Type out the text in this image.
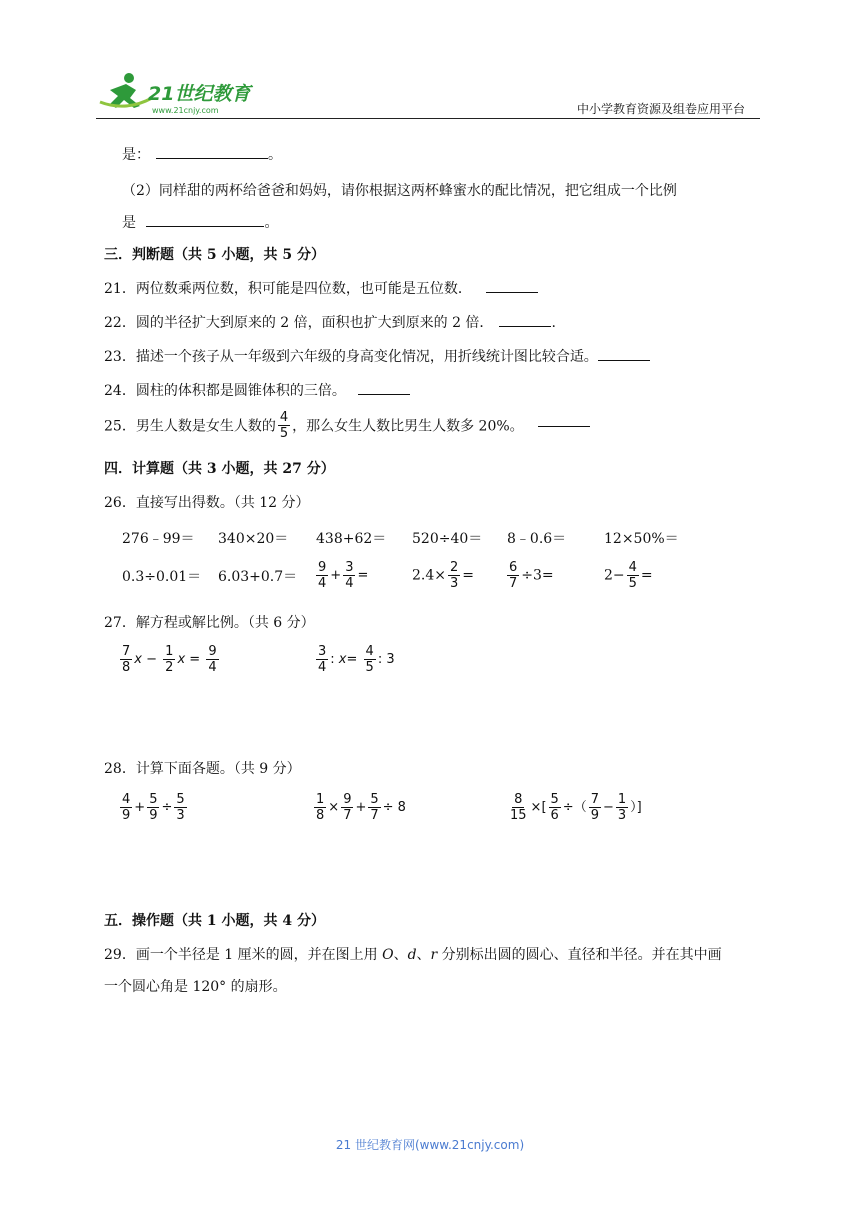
21世纪教育
www.21cnjy.com	中小学教育资源及组卷应用平台
是：	。
（2）同样甜的两杯给爸爸和妈妈，请你根据这两杯蜂蜜水的配比情况，把它组成一个比例
是	。
三．判断题（共 5 小题，共 5 分）
21．两位数乘两位数，积可能是四位数，也可能是五位数．
22．圆的半径扩大到原来的 2 倍，面积也扩大到原来的 2 倍．	.
23．描述一个孩子从一年级到六年级的身高变化情况，用折线统计图比较合适。
24．圆柱的体积都是圆锥体积的三倍。
25．男生人数是女生人数的 $\frac{4}{5}$ ，那么女生人数比男生人数多 20%。
四．计算题（共 3 小题，共 27 分）
26．直接写出得数。（共 12 分）
276﹣99＝ 340×20＝ 438+62＝ 520÷40＝ 8﹣0.6＝	12×50%＝
$0.3\div 0.01= 6.03+0.7= \frac{9}{4} + \frac{3}{4}$ =	$2.4\times \frac{2}{3}$ =	$\frac{6}{7} \div 3=$	$2- \frac{4}{5}$ =
27．解方程或解比例。（共 6 分）
$\frac{7}{8}$ $x - \frac{1}{2}$ $x = \frac{9}{4}$	$\frac{3}{4}$ : $x= \frac{4}{5}$ : 3
28．计算下面各题。（共 9 分）
$\frac{4}{9} + \frac{5}{9} \div \frac{5}{3}$	$\frac{1}{8} \times \frac{9}{7} + \frac{5}{7} \div 8$	$\frac{8}{15}$ ×[ $\frac{5}{6}$ ÷（ $\frac{7}{9} - \frac{1}{3}$ ）]
五．操作题（共 1 小题，共 4 分）
29．画一个半径是 1 厘米的圆，并在图上用 O、d、r 分别标出圆的圆心、直径和半径。并在其中画
一个圆心角是 120° 的扇形。
21 世纪教育网(www.21cnjy.com)
